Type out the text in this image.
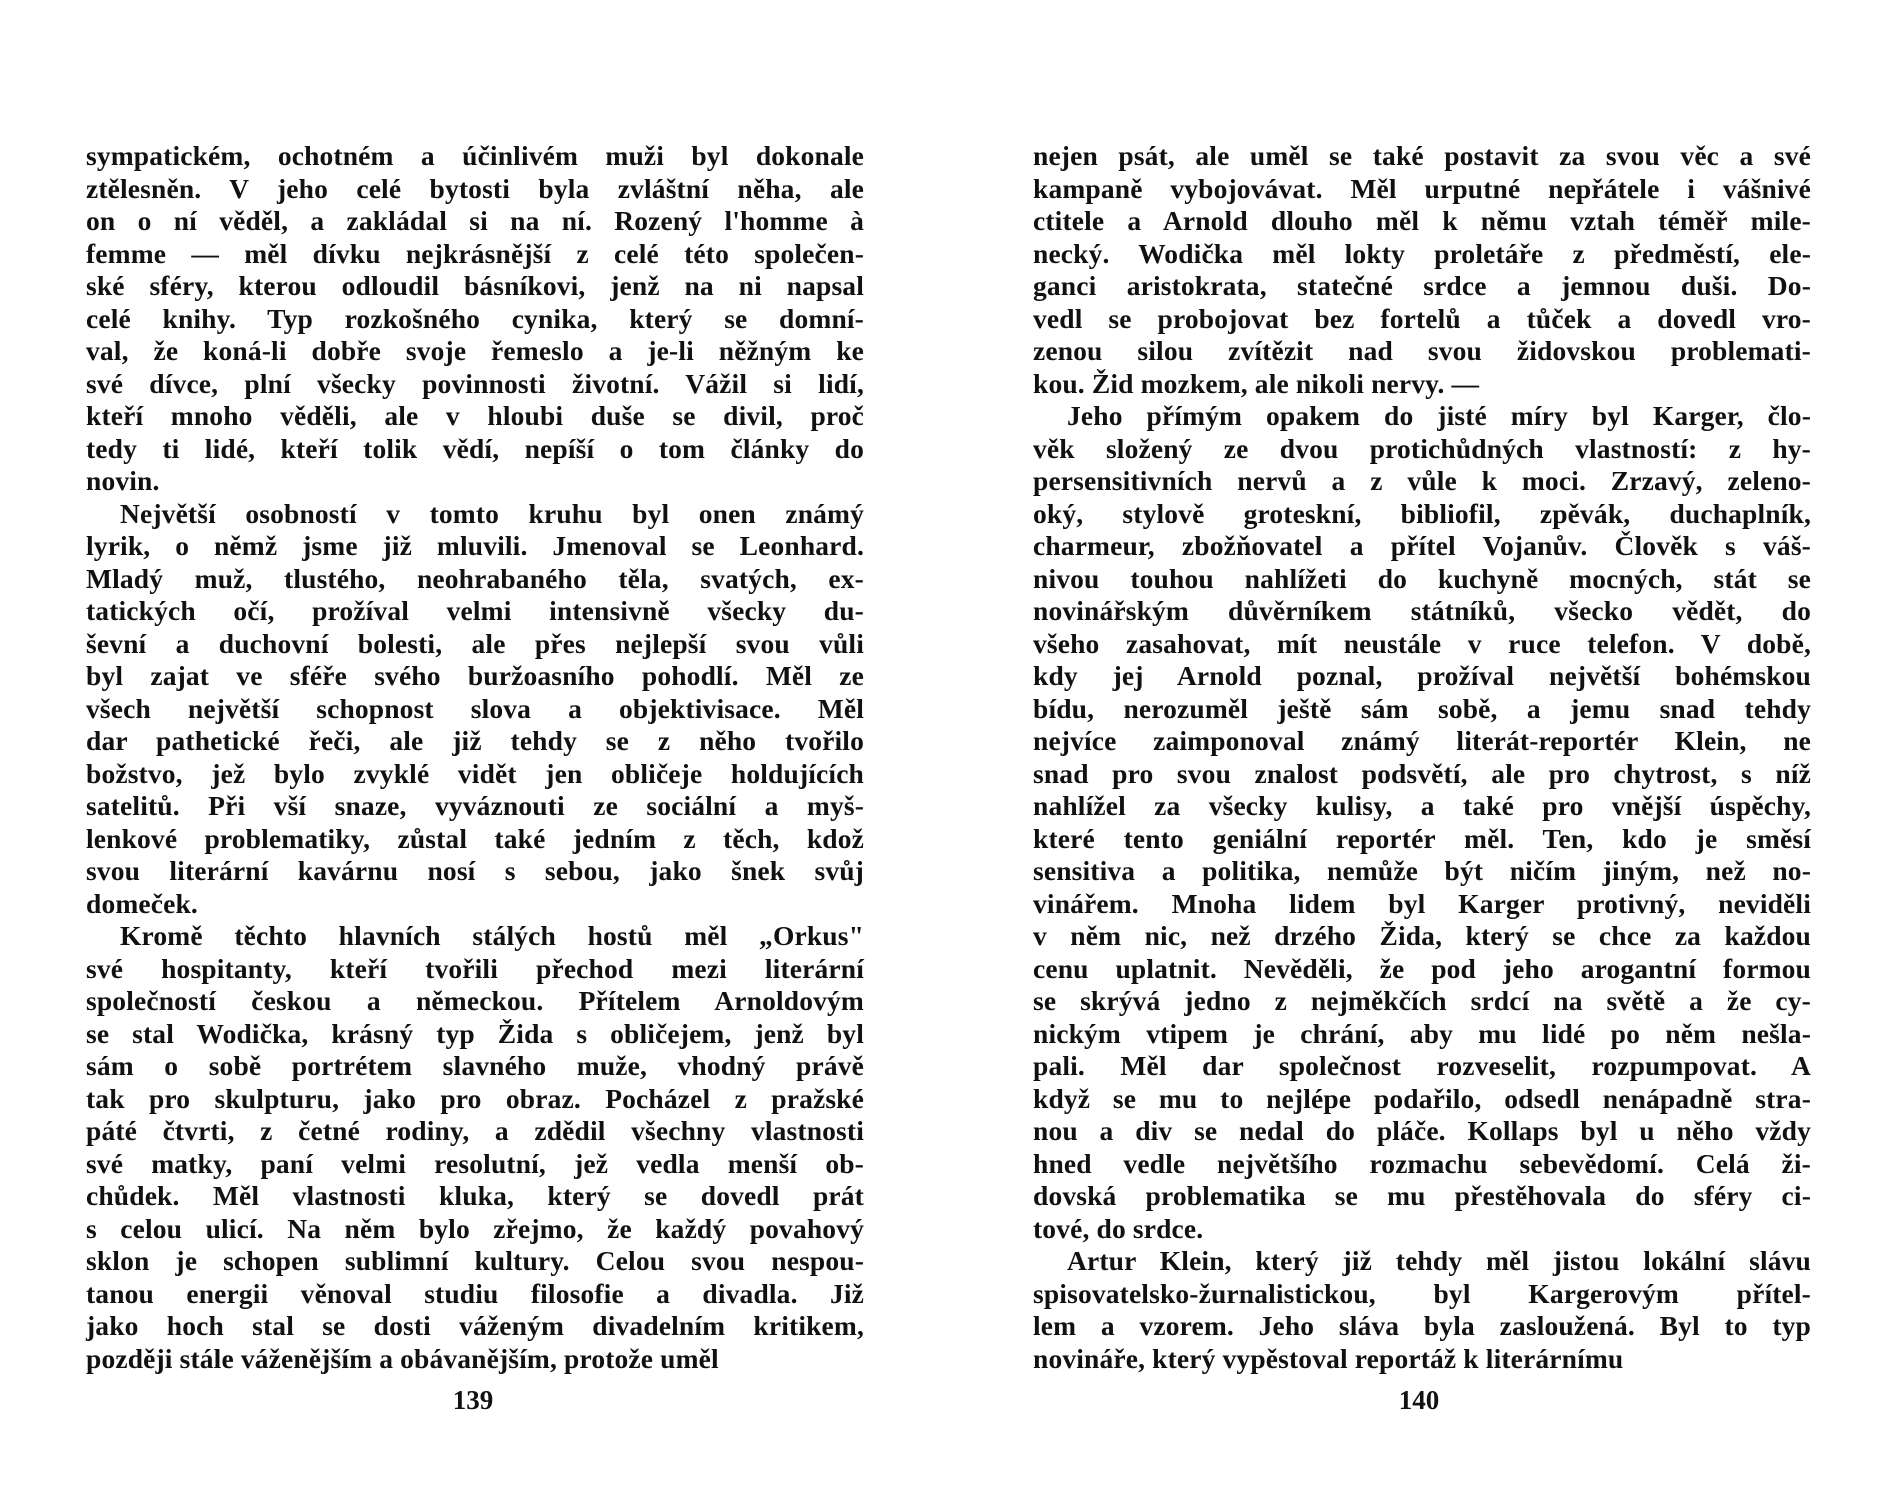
sympatickém, ochotném a účinlivém muži byl dokonale
ztělesněn. V jeho celé bytosti byla zvláštní něha, ale
on o ní věděl, a zakládal si na ní. Rozený l'homme à
femme — měl dívku nejkrásnější z celé této společen-
ské sféry, kterou odloudil básníkovi, jenž na ni napsal
celé knihy. Typ rozkošného cynika, který se domní-
val, že koná-li dobře svoje řemeslo a je-li něžným ke
své dívce, plní všecky povinnosti životní. Vážil si lidí,
kteří mnoho věděli, ale v hloubi duše se divil, proč
tedy ti lidé, kteří tolik vědí, nepíší o tom články do
novin.
Největší osobností v tomto kruhu byl onen známý
lyrik, o němž jsme již mluvili. Jmenoval se Leonhard.
Mladý muž, tlustého, neohrabaného těla, svatých, ex-
tatických očí, prožíval velmi intensivně všecky du-
ševní a duchovní bolesti, ale přes nejlepší svou vůli
byl zajat ve sféře svého buržoasního pohodlí. Měl ze
všech největší schopnost slova a objektivisace. Měl
dar pathetické řeči, ale již tehdy se z něho tvořilo
božstvo, jež bylo zvyklé vidět jen obličeje holdujících
satelitů. Při vší snaze, vyváznouti ze sociální a myš-
lenkové problematiky, zůstal také jedním z těch, kdož
svou literární kavárnu nosí s sebou, jako šnek svůj
domeček.
Kromě těchto hlavních stálých hostů měl „Orkus"
své hospitanty, kteří tvořili přechod mezi literární
společností českou a německou. Přítelem Arnoldovým
se stal Wodička, krásný typ Žida s obličejem, jenž byl
sám o sobě portrétem slavného muže, vhodný právě
tak pro skulpturu, jako pro obraz. Pocházel z pražské
páté čtvrti, z četné rodiny, a zdědil všechny vlastnosti
své matky, paní velmi resolutní, jež vedla menší ob-
chůdek. Měl vlastnosti kluka, který se dovedl prát
s celou ulicí. Na něm bylo zřejmo, že každý povahový
sklon je schopen sublimní kultury. Celou svou nespou-
tanou energii věnoval studiu filosofie a divadla. Již
jako hoch stal se dosti váženým divadelním kritikem,
později stále váženějším a obávanějším, protože uměl
139
nejen psát, ale uměl se také postavit za svou věc a své
kampaně vybojovávat. Měl urputné nepřátele i vášnivé
ctitele a Arnold dlouho měl k němu vztah téměř mile-
necký. Wodička měl lokty proletáře z předměstí, ele-
ganci aristokrata, statečné srdce a jemnou duši. Do-
vedl se probojovat bez fortelů a tůček a dovedl vro-
zenou silou zvítězit nad svou židovskou problemati-
kou. Žid mozkem, ale nikoli nervy. —
Jeho přímým opakem do jisté míry byl Karger, člo-
věk složený ze dvou protichůdných vlastností: z hy-
persensitivních nervů a z vůle k moci. Zrzavý, zeleno-
oký, stylově groteskní, bibliofil, zpěvák, duchaplník,
charmeur, zbožňovatel a přítel Vojanův. Člověk s váš-
nivou touhou nahlížeti do kuchyně mocných, stát se
novinářským důvěrníkem státníků, všecko vědět, do
všeho zasahovat, mít neustále v ruce telefon. V době,
kdy jej Arnold poznal, prožíval největší bohémskou
bídu, nerozuměl ještě sám sobě, a jemu snad tehdy
nejvíce zaimponoval známý literát-reportér Klein, ne
snad pro svou znalost podsvětí, ale pro chytrost, s níž
nahlížel za všecky kulisy, a také pro vnější úspěchy,
které tento geniální reportér měl. Ten, kdo je směsí
sensitiva a politika, nemůže být ničím jiným, než no-
vinářem. Mnoha lidem byl Karger protivný, neviděli
v něm nic, než drzého Žida, který se chce za každou
cenu uplatnit. Nevěděli, že pod jeho arogantní formou
se skrývá jedno z nejměkčích srdcí na světě a že cy-
nickým vtipem je chrání, aby mu lidé po něm nešla-
pali. Měl dar společnost rozveselit, rozpumpovat. A
když se mu to nejlépe podařilo, odsedl nenápadně stra-
nou a div se nedal do pláče. Kollaps byl u něho vždy
hned vedle největšího rozmachu sebevědomí. Celá ži-
dovská problematika se mu přestěhovala do sféry ci-
tové, do srdce.
Artur Klein, který již tehdy měl jistou lokální slávu
spisovatelsko-žurnalistickou, byl Kargerovým přítel-
lem a vzorem. Jeho sláva byla zasloužená. Byl to typ
novináře, který vypěstoval reportáž k literárnímu
140
